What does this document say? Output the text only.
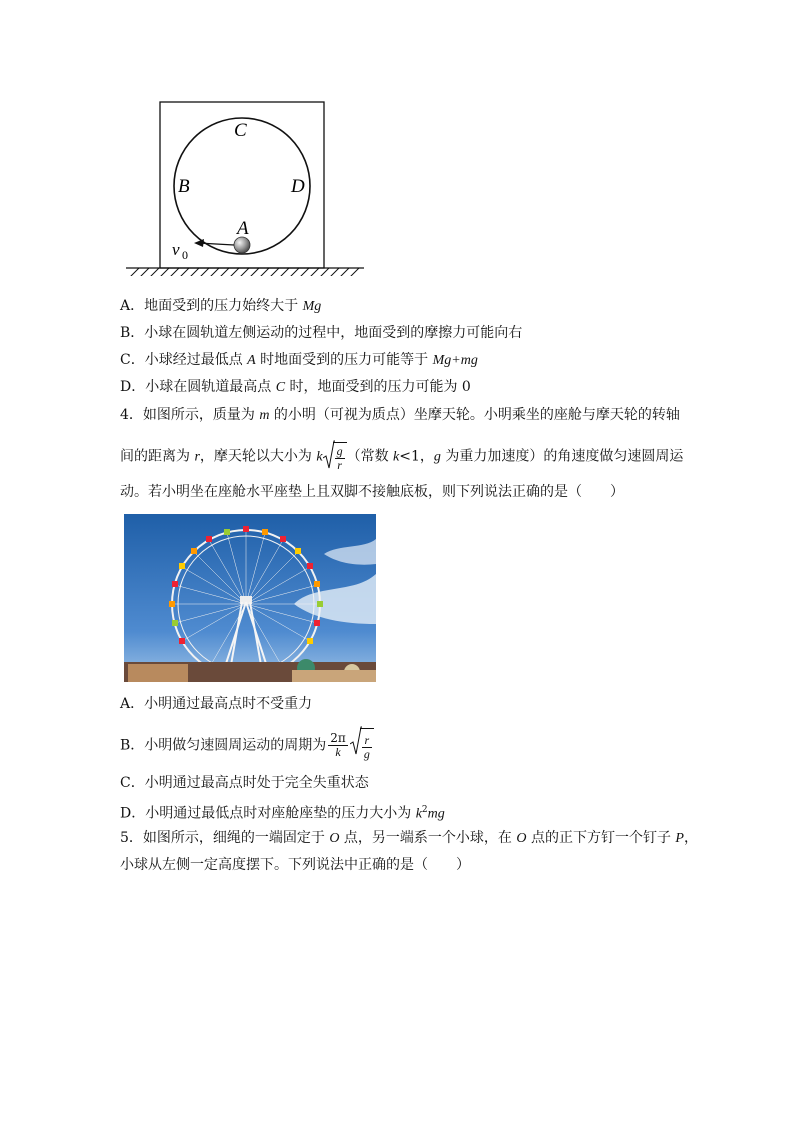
C
B	D
A
v 0
A．地面受到的压力始终大于 Mg
B．小球在圆轨道左侧运动的过程中，地面受到的摩擦力可能向右
C．小球经过最低点 A 时地面受到的压力可能等于 Mg+mg
D．小球在圆轨道最高点 C 时，地面受到的压力可能为 0
4．如图所示，质量为 m 的小明（可视为质点）坐摩天轮。小明乘坐的座舱与摩天轮的转轴
间的距离为 r，摩天轮以大小为 k $\frac{g}{r}$ （常数 k<1，g 为重力加速度）的角速度做匀速圆周运
动。若小明坐在座舱水平座垫上且双脚不接触底板，则下列说法正确的是（　　）
A．小明通过最高点时不受重力
B．小明做匀速圆周运动的周期为 $\frac{2\pi}{k} \frac{r}{g}$
C．小明通过最高点时处于完全失重状态
D．小明通过最低点时对座舱座垫的压力大小为 $k^2mg$
5．如图所示，细绳的一端固定于 O 点，另一端系一个小球，在 O 点的正下方钉一个钉子 P，
小球从左侧一定高度摆下。下列说法中正确的是（　　）
